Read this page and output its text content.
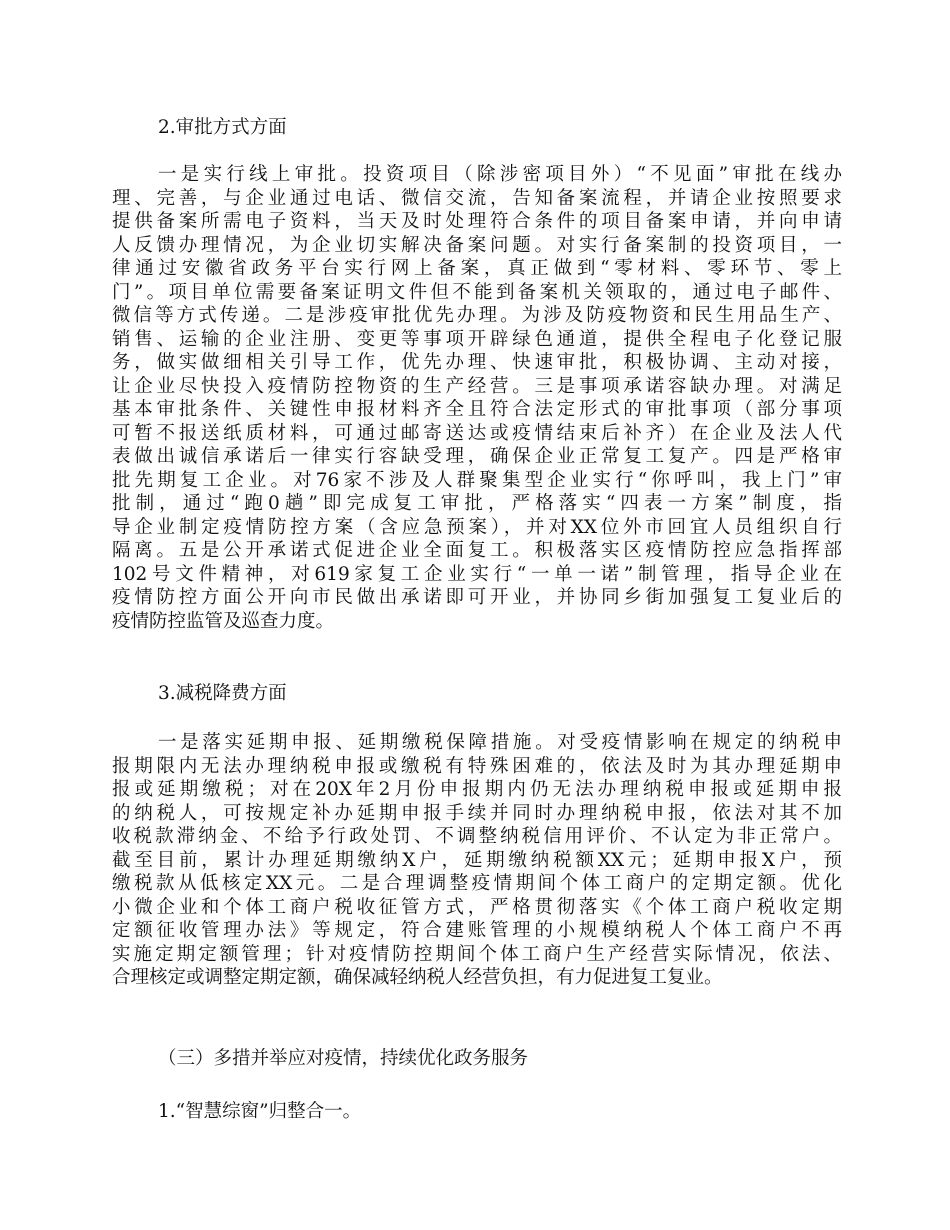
2.审批方式方面
一是实行线上审批。投资项目（除涉密项目外）“不见面”审批在线办
理、完善，与企业通过电话、微信交流，告知备案流程，并请企业按照要求
提供备案所需电子资料，当天及时处理符合条件的项目备案申请，并向申请
人反馈办理情况，为企业切实解决备案问题。对实行备案制的投资项目，一
律通过安徽省政务平台实行网上备案，真正做到“零材料、零环节、零上
门”。项目单位需要备案证明文件但不能到备案机关领取的，通过电子邮件、
微信等方式传递。二是涉疫审批优先办理。为涉及防疫物资和民生用品生产、
销售、运输的企业注册、变更等事项开辟绿色通道，提供全程电子化登记服
务，做实做细相关引导工作，优先办理、快速审批，积极协调、主动对接，
让企业尽快投入疫情防控物资的生产经营。三是事项承诺容缺办理。对满足
基本审批条件、关键性申报材料齐全且符合法定形式的审批事项（部分事项
可暂不报送纸质材料，可通过邮寄送达或疫情结束后补齐）在企业及法人代
表做出诚信承诺后一律实行容缺受理，确保企业正常复工复产。四是严格审
批先期复工企业。对76家不涉及人群聚集型企业实行“你呼叫，我上门”审
批制，通过“跑0趟”即完成复工审批，严格落实“四表一方案”制度，指
导企业制定疫情防控方案（含应急预案），并对XX位外市回宜人员组织自行
隔离。五是公开承诺式促进企业全面复工。积极落实区疫情防控应急指挥部
102号文件精神，对619家复工企业实行“一单一诺”制管理，指导企业在
疫情防控方面公开向市民做出承诺即可开业，并协同乡街加强复工复业后的
疫情防控监管及巡查力度。
3.减税降费方面
一是落实延期申报、延期缴税保障措施。对受疫情影响在规定的纳税申
报期限内无法办理纳税申报或缴税有特殊困难的，依法及时为其办理延期申
报或延期缴税；对在20X年2月份申报期内仍无法办理纳税申报或延期申报
的纳税人，可按规定补办延期申报手续并同时办理纳税申报，依法对其不加
收税款滞纳金、不给予行政处罚、不调整纳税信用评价、不认定为非正常户。
截至目前，累计办理延期缴纳X户，延期缴纳税额XX元；延期申报X户，预
缴税款从低核定XX元。二是合理调整疫情期间个体工商户的定期定额。优化
小微企业和个体工商户税收征管方式，严格贯彻落实《个体工商户税收定期
定额征收管理办法》等规定，符合建账管理的小规模纳税人个体工商户不再
实施定期定额管理；针对疫情防控期间个体工商户生产经营实际情况，依法、
合理核定或调整定期定额，确保减轻纳税人经营负担，有力促进复工复业。
（三）多措并举应对疫情，持续优化政务服务
1.“智慧综窗”归整合一。
